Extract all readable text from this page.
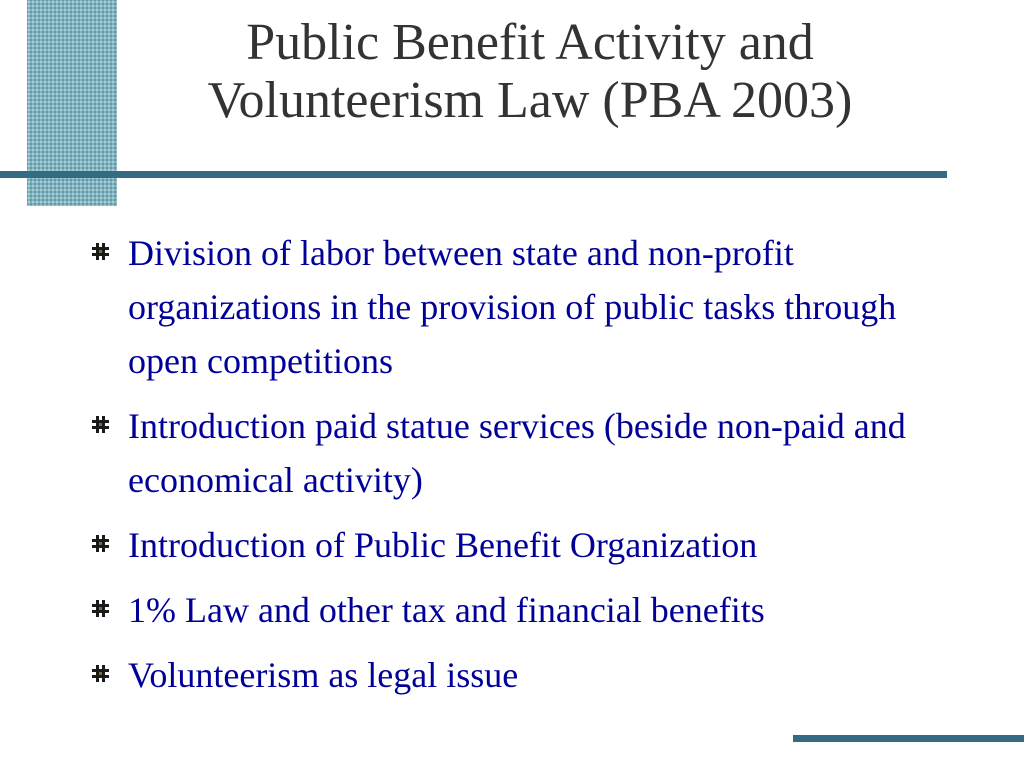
Public Benefit Activity and Volunteerism Law (PBA 2003)
Division of labor between state and non-profit organizations in the provision of public tasks through open competitions
Introduction paid statue services (beside non-paid and economical activity)
Introduction of Public Benefit Organization
1% Law and other tax and financial benefits
Volunteerism as legal issue
